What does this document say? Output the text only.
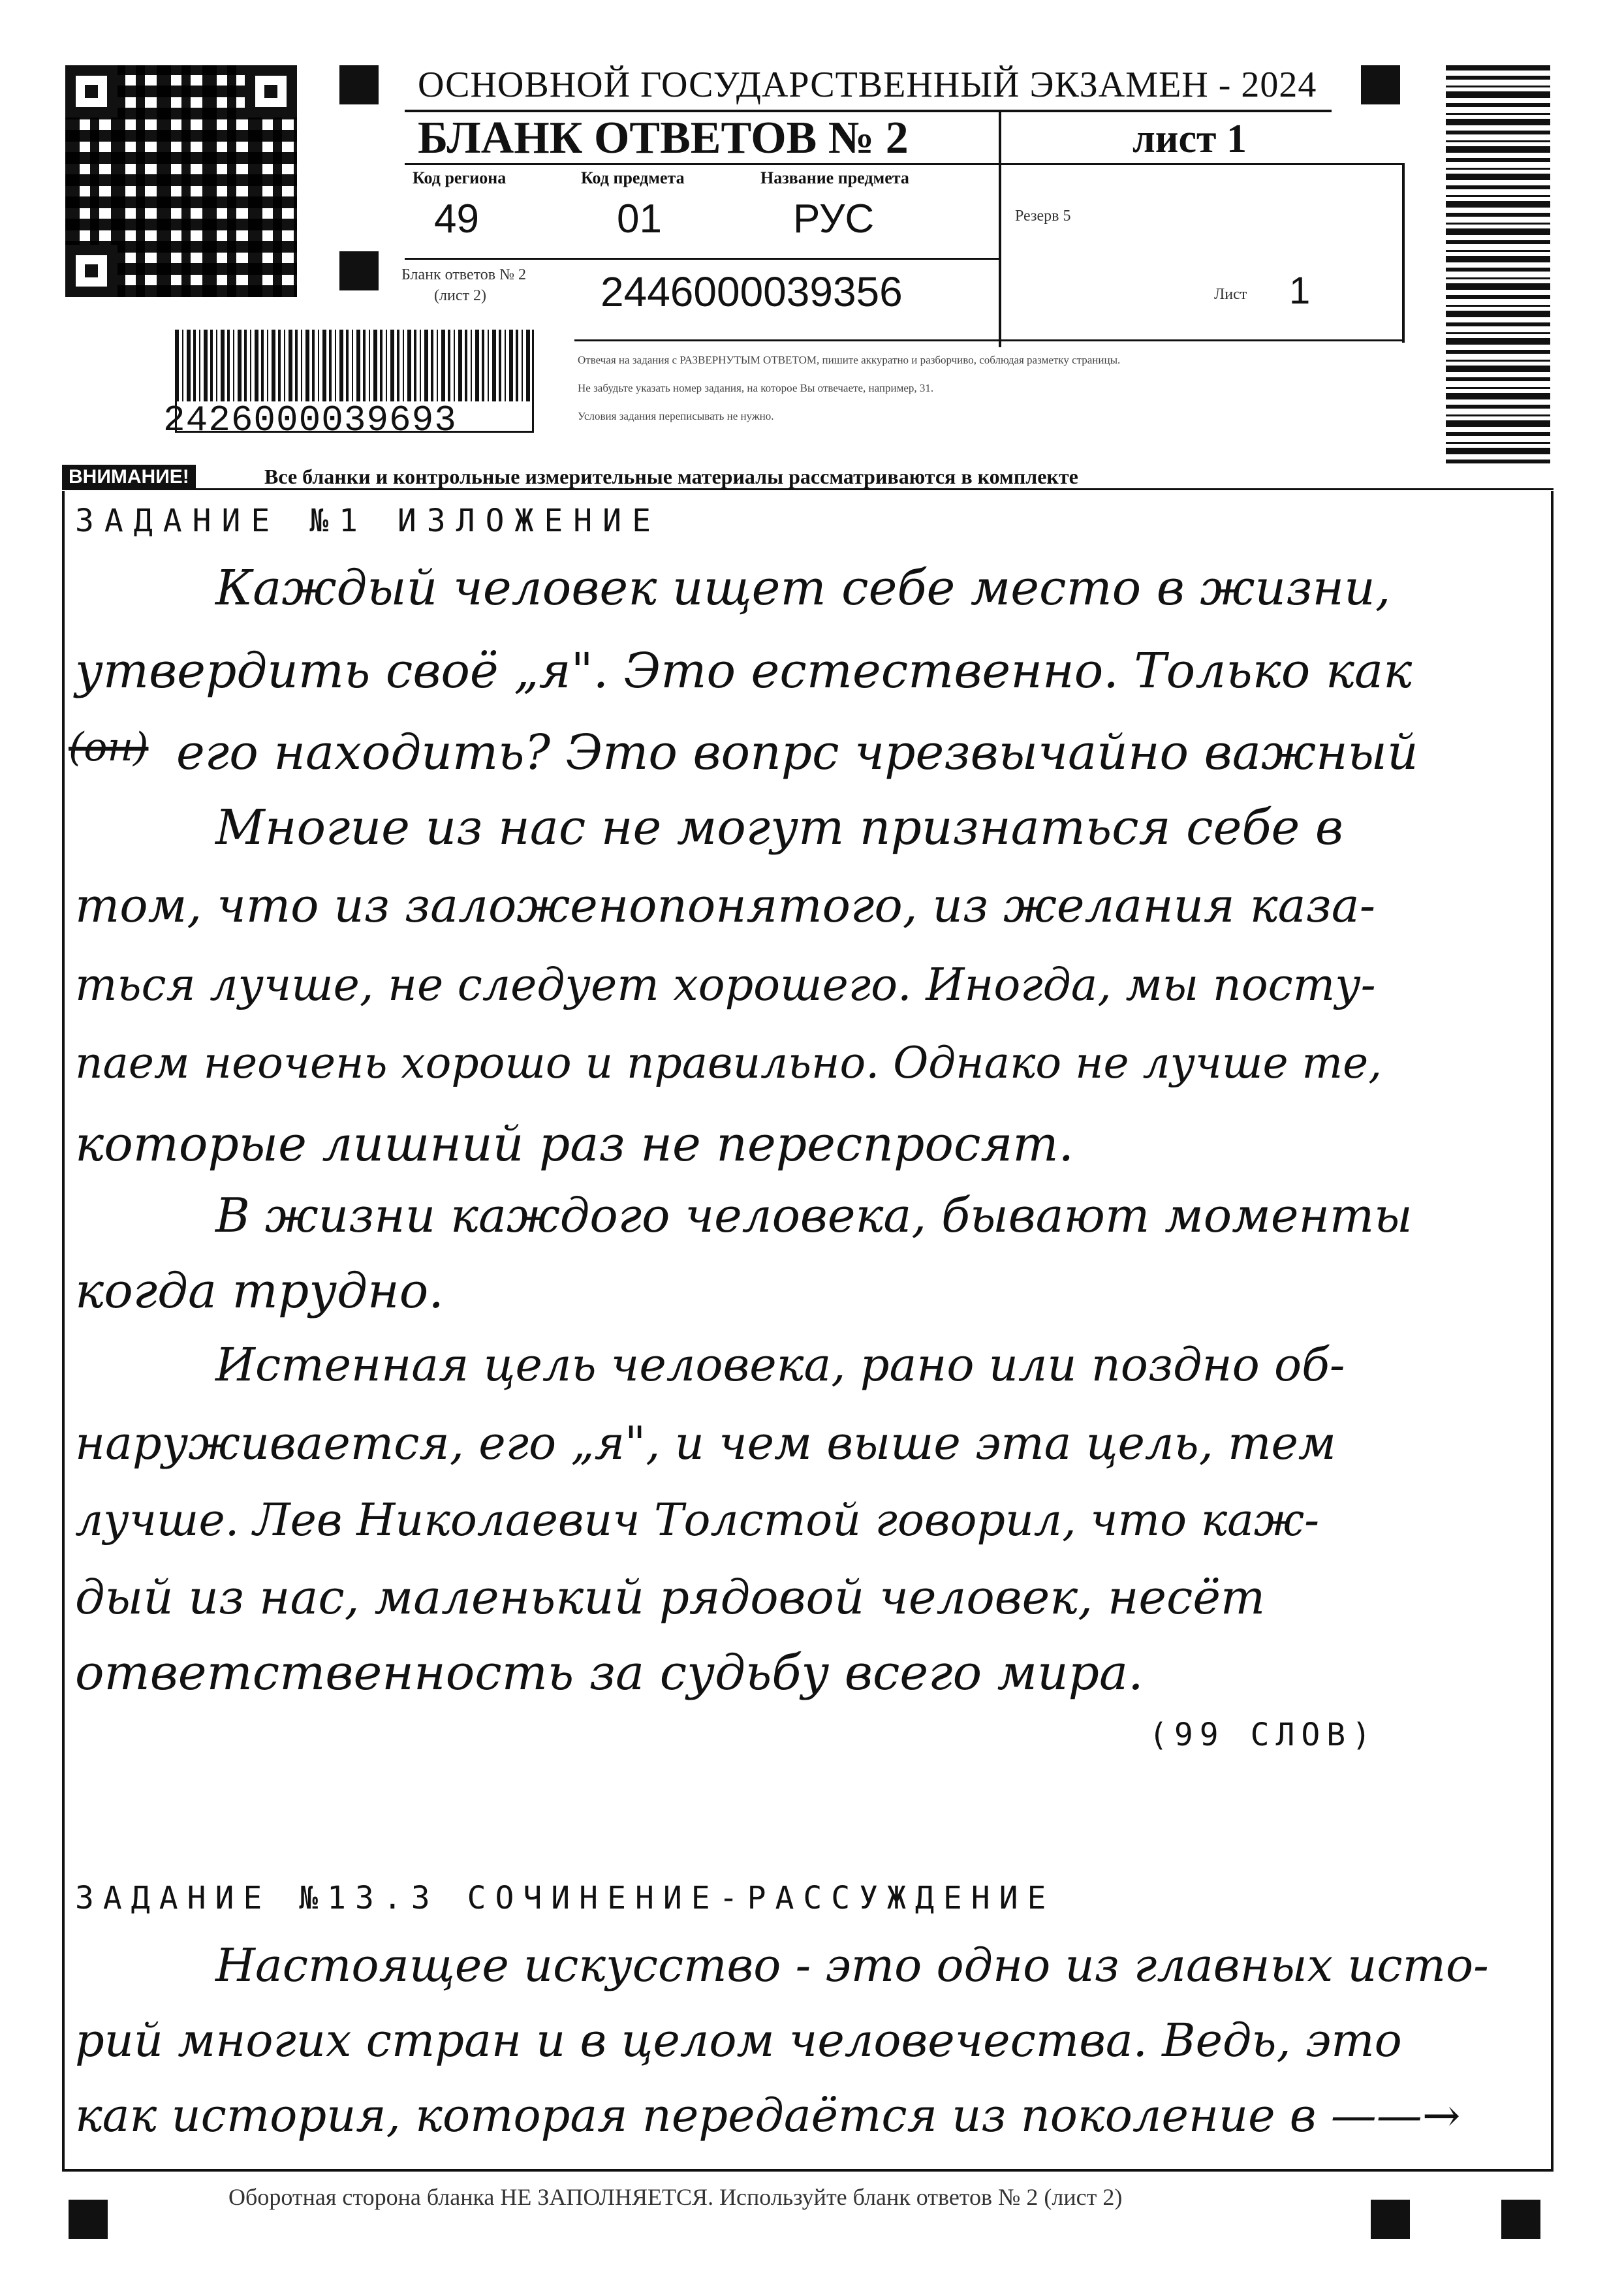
ОСНОВНОЙ ГОСУДАРСТВЕННЫЙ ЭКЗАМЕН - 2024
БЛАНК ОТВЕТОВ № 2	лист 1
Код региона
49
Код предмета
01
Название предмета
РУС	Резерв 5
Бланк ответов № 2
(лист 2)	2446000039356	Лист 1
Отвечая на задания с РАЗВЕРНУТЫМ ОТВЕТОМ, пишите аккуратно и разборчиво, соблюдая разметку страницы.
Не забудьте указать номер задания, на которое Вы отвечаете, например, 31.
Условия задания переписывать не нужно.
2426000039693
ВНИМАНИЕ!	Все бланки и контрольные измерительные материалы рассматриваются в комплекте
ЗАДАНИЕ №1 ИЗЛОЖЕНИЕ
Каждый человек ищет себе место в жизни,
утвердить своё „я". Это естественно. Только как
(он) его находить? Это вопрс чрезвычайно важный
Многие из нас не могут признаться себе в
том, что из заложенопонятого, из желания каза-
ться лучше, не следует хорошего. Иногда, мы посту-
паем неочень хорошо и правильно. Однако не лучше те,
которые лишний раз не переспросят.
В жизни каждого человека, бывают моменты
когда трудно.
Истенная цель человека, рано или поздно об-
наруживается, его „я", и чем выше эта цель, тем
лучше. Лев Николаевич Толстой говорил, что каж-
дый из нас, маленький рядовой человек, несёт
ответственность за судьбу всего мира.
(99 СЛОВ)
ЗАДАНИЕ №13.3 СОЧИНЕНИЕ-РАССУЖДЕНИЕ
Настоящее искусство - это одно из главных исто-
рий многих стран и в целом человечества. Ведь, это
как история, которая передаётся из поколение в ——→
Оборотная сторона бланка НЕ ЗАПОЛНЯЕТСЯ. Используйте бланк ответов № 2 (лист 2)
